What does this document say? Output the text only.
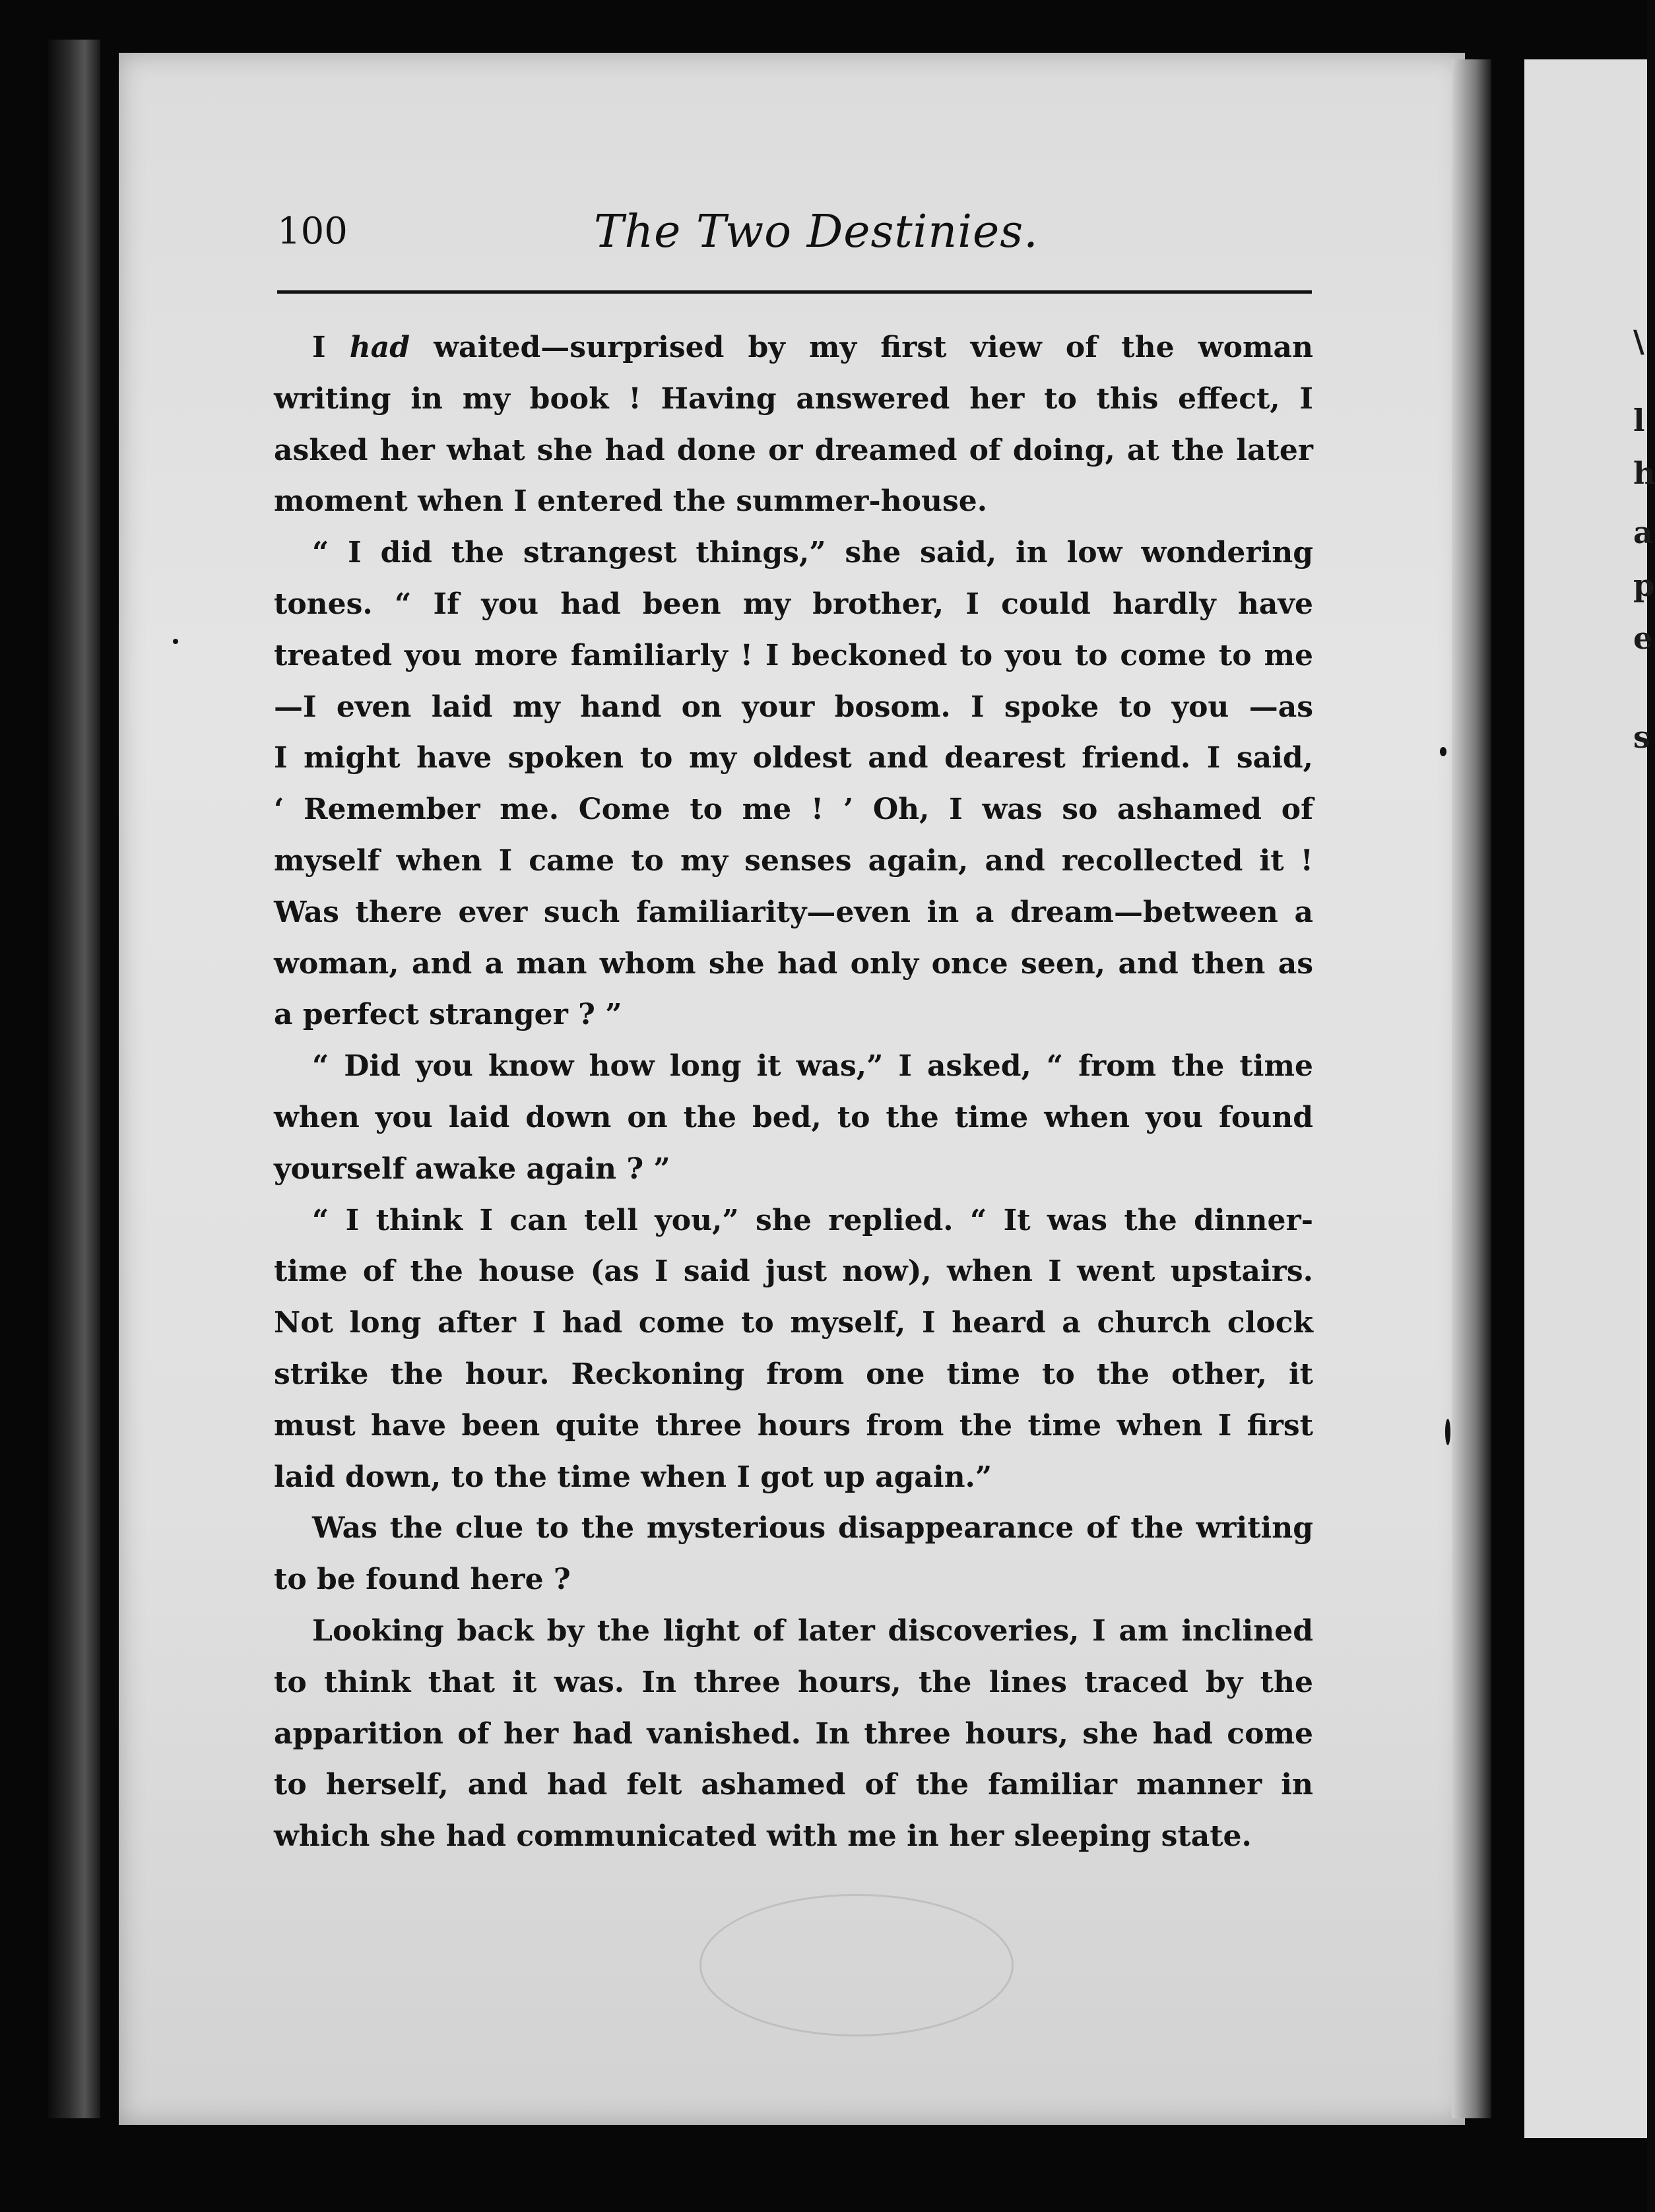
\
l
h
a
p
e
s
100	The Two Destinies.
I had waited—surprised by my first view of the woman
writing in my book ! Having answered her to this effect, I
asked her what she had done or dreamed of doing, at the later
moment when I entered the summer-house.
“ I did the strangest things,” she said, in low wondering
tones. “ If you had been my brother, I could hardly have
treated you more familiarly ! I beckoned to you to come to me
—I even laid my hand on your bosom. I spoke to you —as
I might have spoken to my oldest and dearest friend. I said,
‘ Remember me. Come to me ! ’ Oh, I was so ashamed of
myself when I came to my senses again, and recollected it !
Was there ever such familiarity—even in a dream—between a
woman, and a man whom she had only once seen, and then as
a perfect stranger ? ”
“ Did you know how long it was,” I asked, “ from the time
when you laid down on the bed, to the time when you found
yourself awake again ? ”
“ I think I can tell you,” she replied. “ It was the dinner-
time of the house (as I said just now), when I went upstairs.
Not long after I had come to myself, I heard a church clock
strike the hour. Reckoning from one time to the other, it
must have been quite three hours from the time when I first
laid down, to the time when I got up again.”
Was the clue to the mysterious disappearance of the writing
to be found here ?
Looking back by the light of later discoveries, I am inclined
to think that it was. In three hours, the lines traced by the
apparition of her had vanished. In three hours, she had come
to herself, and had felt ashamed of the familiar manner in
which she had communicated with me in her sleeping state.
